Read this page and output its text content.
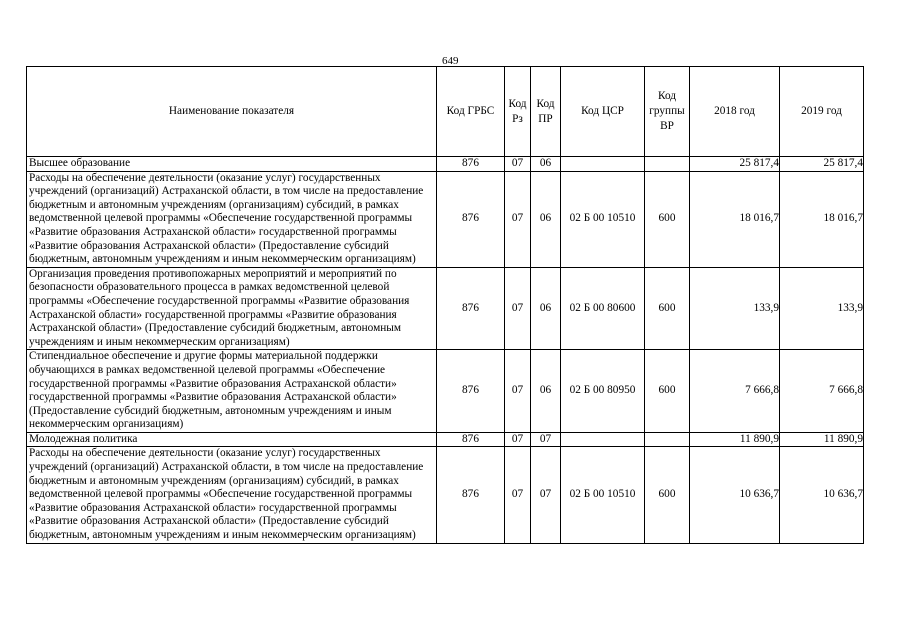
649
Наименование показателя	Код ГРБС	Код Рз	Код ПР	Код ЦСР	Код группы ВР	2018 год	2019 год
Высшее образование	876	07	06			25 817,4	25 817,4
Расходы на обеспечение деятельности (оказание услуг) государственных учреждений (организаций) Астраханской области, в том числе на предоставление бюджетным и автономным учреждениям (организациям) субсидий, в рамках ведомственной целевой программы «Обеспечение государственной программы «Развитие образования Астраханской области» государственной программы «Развитие образования Астраханской области» (Предоставление субсидий бюджетным, автономным учреждениям и иным некоммерческим организациям)	876	07	06	02 Б 00 10510	600	18 016,7	18 016,7
Организация проведения противопожарных мероприятий и мероприятий по безопасности образовательного процесса в рамках ведомственной целевой программы «Обеспечение государственной программы «Развитие образования Астраханской области» государственной программы «Развитие образования Астраханской области» (Предоставление субсидий бюджетным, автономным учреждениям и иным некоммерческим организациям)	876	07	06	02 Б 00 80600	600	133,9	133,9
Стипендиальное обеспечение и другие формы материальной поддержки обучающихся в рамках ведомственной целевой программы «Обеспечение государственной программы «Развитие образования Астраханской области» государственной программы «Развитие образования Астраханской области» (Предоставление субсидий бюджетным, автономным учреждениям и иным некоммерческим организациям)	876	07	06	02 Б 00 80950	600	7 666,8	7 666,8
Молодежная политика	876	07	07			11 890,9	11 890,9
Расходы на обеспечение деятельности (оказание услуг) государственных учреждений (организаций) Астраханской области, в том числе на предоставление бюджетным и автономным учреждениям (организациям) субсидий, в рамках ведомственной целевой программы «Обеспечение государственной программы «Развитие образования Астраханской области» государственной программы «Развитие образования Астраханской области» (Предоставление субсидий бюджетным, автономным учреждениям и иным некоммерческим организациям)	876	07	07	02 Б 00 10510	600	10 636,7	10 636,7
